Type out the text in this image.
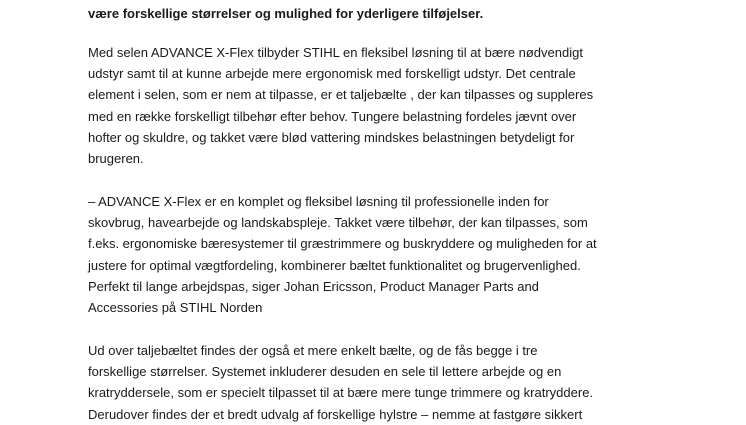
være forskellige størrelser og mulighed for yderligere tilføjelser.

Med selen ADVANCE X-Flex tilbyder STIHL en fleksibel løsning til at bære nødvendigt
udstyr samt til at kunne arbejde mere ergonomisk med forskelligt udstyr. Det centrale
element i selen, som er nem at tilpasse, er et taljebælte , der kan tilpasses og suppleres
med en række forskelligt tilbehør efter behov. Tungere belastning fordeles jævnt over
hofter og skuldre, og takket være blød vattering mindskes belastningen betydeligt for
brugeren.

– ADVANCE X-Flex er en komplet og fleksibel løsning til professionelle inden for
skovbrug, havearbejde og landskabspleje. Takket være tilbehør, der kan tilpasses, som
f.eks. ergonomiske bæresystemer til græstrimmere og buskryddere og muligheden for at
justere for optimal vægtfordeling, kombinerer bæltet funktionalitet og brugervenlighed.
Perfekt til lange arbejdspas, siger Johan Ericsson, Product Manager Parts and
Accessories på STIHL Norden

Ud over taljebæltet findes der også et mere enkelt bælte, og de fås begge i tre
forskellige størrelser. Systemet inkluderer desuden en sele til lettere arbejde og en
kratryddersele, som er specielt tilpasset til at bære mere tunge trimmere og kratryddere.
Derudover findes der et bredt udvalg af forskellige hylstre – nemme at fastgøre sikkert
